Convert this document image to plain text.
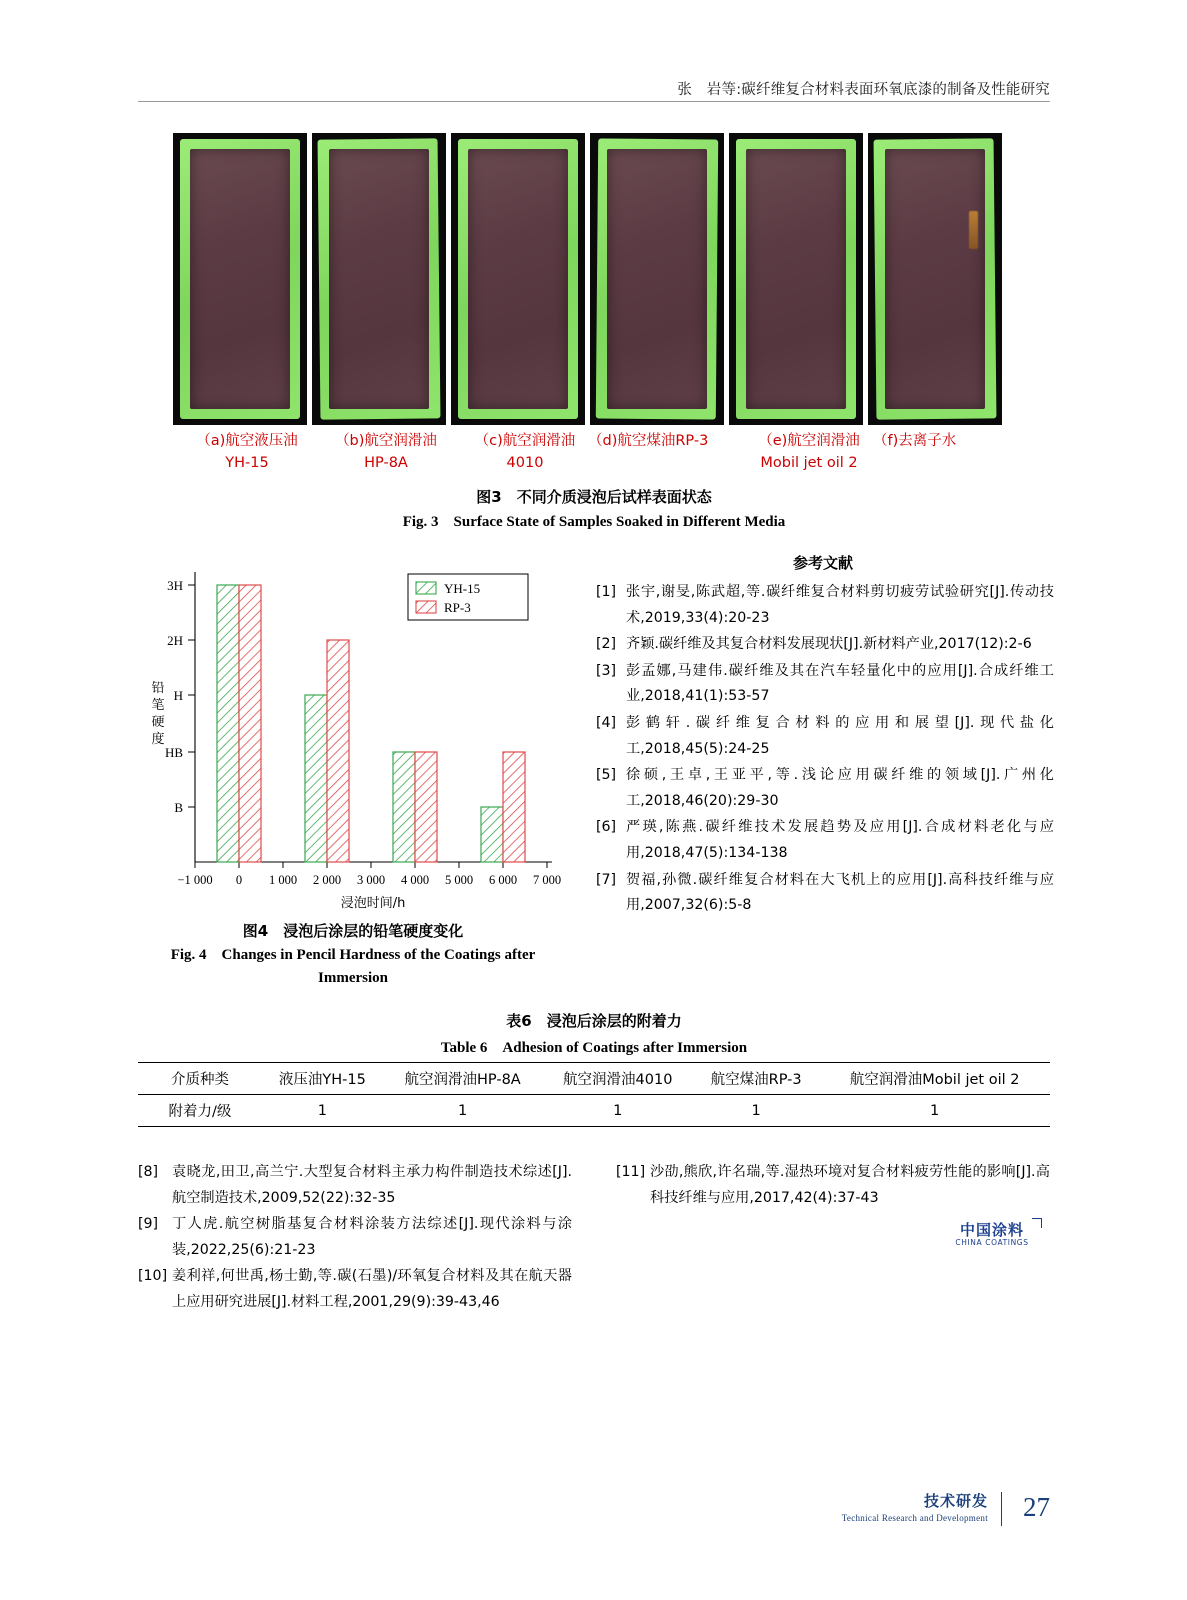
张　岩等:碳纤维复合材料表面环氧底漆的制备及性能研究
（a)航空液压油
YH-15
（b)航空润滑油
HP-8A
（c)航空润滑油
4010
（d)航空煤油RP-3	（e)航空润滑油
Mobil jet oil 2
（f)去离子水
图3　不同介质浸泡后试样表面状态
Fig. 3　Surface State of Samples Soaked in Different Media
3H
2H
H
HB
B
铅
笔
硬
度
−1 000 0 1 000 2 000 3 000 4 000 5 000 6 000 7 000
浸泡时间/h
YH-15
RP-3
图4　浸泡后涂层的铅笔硬度变化
Fig. 4　Changes in Pencil Hardness of the Coatings after
Immersion
参考文献
[1] 张宇,谢旻,陈武超,等.碳纤维复合材料剪切疲劳试验研究[J].传动技术,2019,33(4):20-23
[2] 齐颖.碳纤维及其复合材料发展现状[J].新材料产业,2017(12):2-6
[3] 彭孟娜,马建伟.碳纤维及其在汽车轻量化中的应用[J].合成纤维工业,2018,41(1):53-57
[4] 彭鹤轩.碳纤维复合材料的应用和展望[J].现代盐化工,2018,45(5):24-25
[5] 徐硕,王卓,王亚平,等.浅论应用碳纤维的领域[J].广州化工,2018,46(20):29-30
[6] 严瑛,陈燕.碳纤维技术发展趋势及应用[J].合成材料老化与应用,2018,47(5):134-138
[7] 贺福,孙微.碳纤维复合材料在大飞机上的应用[J].高科技纤维与应用,2007,32(6):5-8
表6　浸泡后涂层的附着力
Table 6　Adhesion of Coatings after Immersion
介质种类	液压油YH-15	航空润滑油HP-8A	航空润滑油4010	航空煤油RP-3	航空润滑油Mobil jet oil 2
附着力/级	1	1	1	1	1
[8] 袁晓龙,田卫,高兰宁.大型复合材料主承力构件制造技术综述[J].航空制造技术,2009,52(22):32-35
[9] 丁人虎.航空树脂基复合材料涂装方法综述[J].现代涂料与涂装,2022,25(6):21-23
[10] 姜利祥,何世禹,杨士勤,等.碳(石墨)/环氧复合材料及其在航天器上应用研究进展[J].材料工程,2001,29(9):39-43,46
[11] 沙劭,熊欣,许名瑞,等.湿热环境对复合材料疲劳性能的影响[J].高科技纤维与应用,2017,42(4):37-43
中国涂料
CHINA COATINGS
技术研发
Technical Research and Development 27
